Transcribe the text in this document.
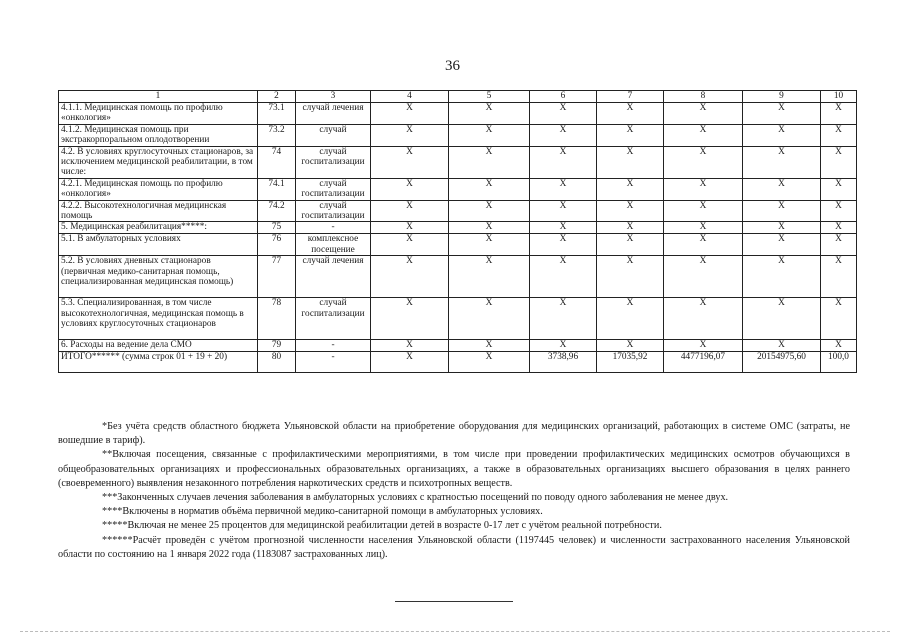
36
1	2	3	4	5	6	7	8	9	10
4.1.1. Медицинская помощь по профилю «онкология»	73.1	случай лечения	X	X	X	X	X	X	X
4.1.2. Медицинская помощь при экстракорпоральном оплодотворении	73.2	случай	X	X	X	X	X	X	X
4.2. В условиях круглосуточных стационаров, за исключением медицинской реабилитации, в том числе:	74	случай госпитализации	X	X	X	X	X	X	X
4.2.1. Медицинская помощь по профилю «онкология»	74.1	случай госпитализации	X	X	X	X	X	X	X
4.2.2. Высокотехнологичная медицинская помощь	74.2	случай госпитализации	X	X	X	X	X	X	X
5. Медицинская реабилитация*****:	75	-	X	X	X	X	X	X	X
5.1. В амбулаторных условиях	76	комплексное посещение	X	X	X	X	X	X	X
5.2. В условиях дневных стационаров (первичная медико-санитарная помощь, специализированная медицинская помощь)	77	случай лечения	X	X	X	X	X	X	X
5.3. Специализированная, в том числе высокотехнологичная, медицинская помощь в условиях круглосуточных стационаров	78	случай госпитализации	X	X	X	X	X	X	X
6. Расходы на ведение дела СМО	79	-	X	X	X	X	X	X	X
ИТОГО****** (сумма строк 01 + 19 + 20)	80	-	X	X	3738,96	17035,92	4477196,07	20154975,60	100,0

*Без учёта средств областного бюджета Ульяновской области на приобретение оборудования для медицинских организаций, работающих в системе ОМС (затраты, не вошедшие в тариф).

**Включая посещения, связанные с профилактическими мероприятиями, в том числе при проведении профилактических медицинских осмотров обучающихся в общеобразовательных организациях и профессиональных образовательных организациях, а также в образовательных организациях высшего образования в целях раннего (своевременного) выявления незаконного потребления наркотических средств и психотропных веществ.

***Законченных случаев лечения заболевания в амбулаторных условиях с кратностью посещений по поводу одного заболевания не менее двух.

****Включены в норматив объёма первичной медико-санитарной помощи в амбулаторных условиях.

*****Включая не менее 25 процентов для медицинской реабилитации детей в возрасте 0-17 лет с учётом реальной потребности.

******Расчёт проведён с учётом прогнозной численности населения Ульяновской области (1197445 человек) и численности застрахованного населения Ульяновской области по состоянию на 1 января 2022 года (1183087 застрахованных лиц).
